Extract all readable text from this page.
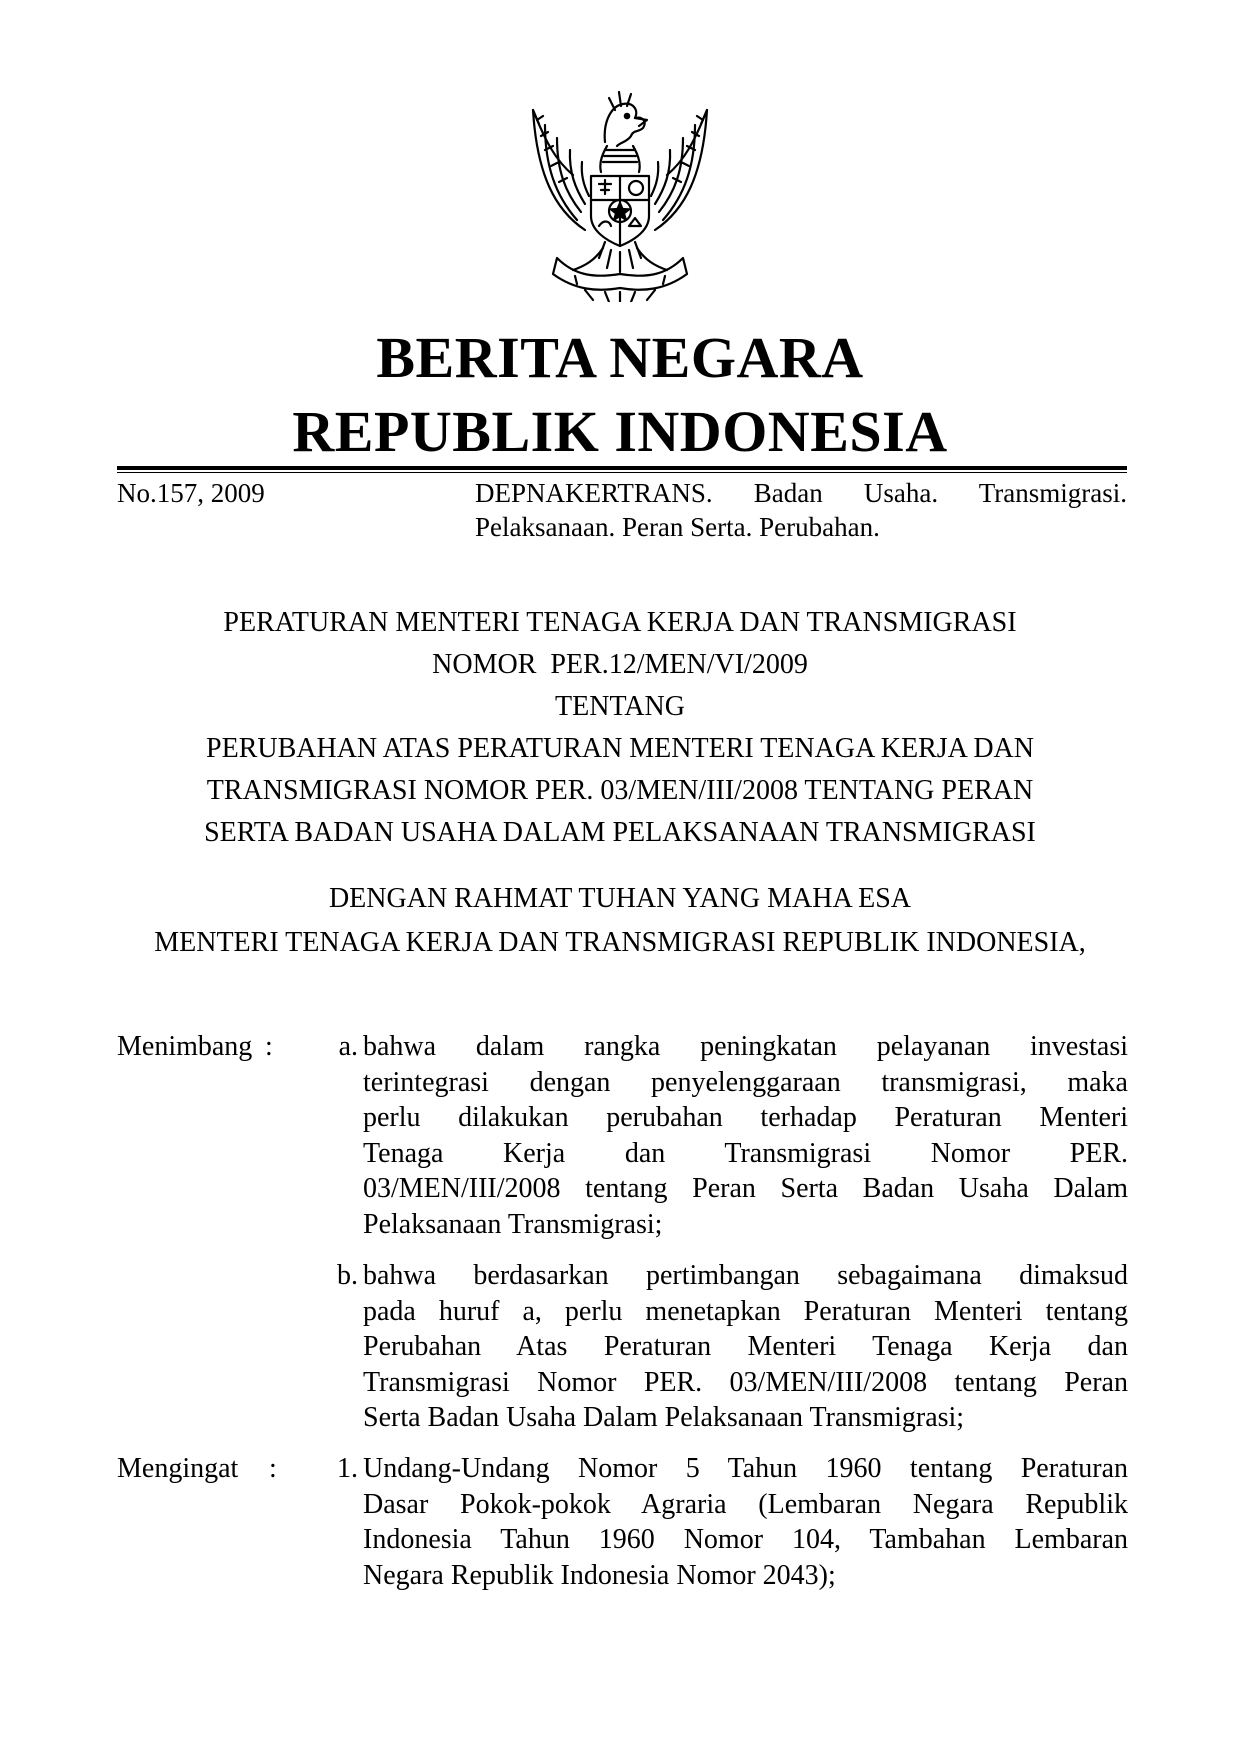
BERITA NEGARA
REPUBLIK INDONESIA
No.157, 2009	DEPNAKERTRANS. Badan Usaha. Transmigrasi.
Pelaksanaan. Peran Serta. Perubahan.
PERATURAN MENTERI TENAGA KERJA DAN TRANSMIGRASI
NOMOR  PER.12/MEN/VI/2009
TENTANG
PERUBAHAN ATAS PERATURAN MENTERI TENAGA KERJA DAN
TRANSMIGRASI NOMOR PER. 03/MEN/III/2008 TENTANG PERAN
SERTA BADAN USAHA DALAM PELAKSANAAN TRANSMIGRASI
DENGAN RAHMAT TUHAN YANG MAHA ESA
MENTERI TENAGA KERJA DAN TRANSMIGRASI REPUBLIK INDONESIA,
Menimbang :	a. bahwa dalam rangka peningkatan pelayanan investasi
terintegrasi dengan penyelenggaraan transmigrasi, maka
perlu dilakukan perubahan terhadap Peraturan Menteri
Tenaga Kerja dan Transmigrasi Nomor PER.
03/MEN/III/2008 tentang Peran Serta Badan Usaha Dalam
Pelaksanaan Transmigrasi;
b. bahwa berdasarkan pertimbangan sebagaimana dimaksud
pada huruf a, perlu menetapkan Peraturan Menteri tentang
Perubahan Atas Peraturan Menteri Tenaga Kerja dan
Transmigrasi Nomor PER. 03/MEN/III/2008 tentang Peran
Serta Badan Usaha Dalam Pelaksanaan Transmigrasi;
Mengingat :	1. Undang-Undang Nomor 5 Tahun 1960 tentang Peraturan
Dasar Pokok-pokok Agraria (Lembaran Negara Republik
Indonesia Tahun 1960 Nomor 104, Tambahan Lembaran
Negara Republik Indonesia Nomor 2043);
